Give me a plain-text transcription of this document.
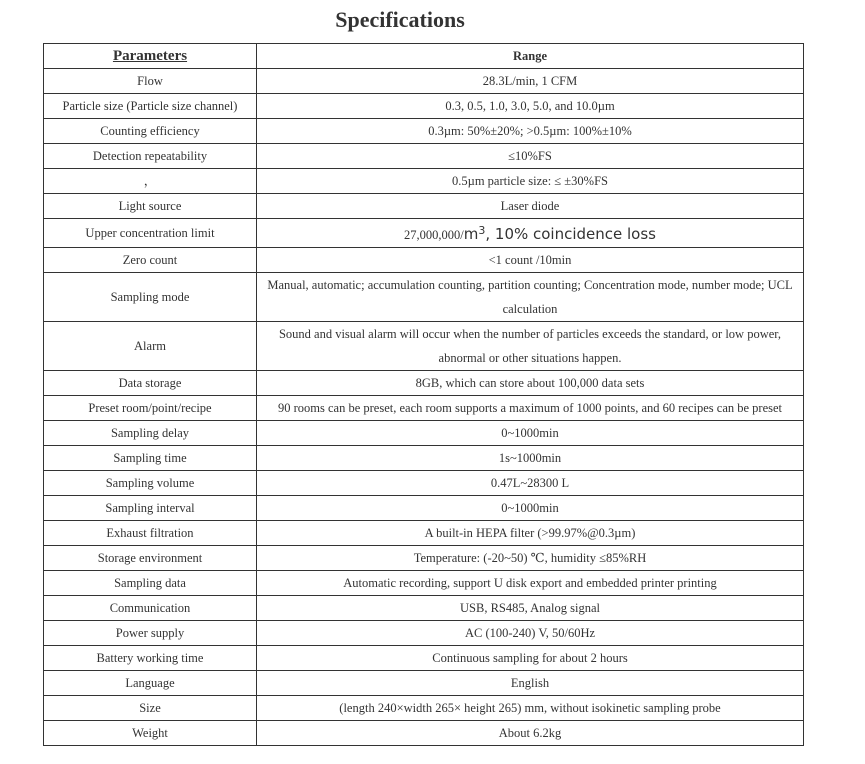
Specifications
Parameters	Range
Flow	28.3L/min, 1 CFM
Particle size (Particle size channel)	0.3, 0.5, 1.0, 3.0, 5.0, and 10.0µm
Counting efficiency	0.3µm: 50%±20%; >0.5µm: 100%±10%
Detection repeatability	≤10%FS
，	0.5µm particle size: ≤ ±30%FS
Light source	Laser diode
Upper concentration limit	$27,000,000/m^3$, 10% coincidence loss
Zero count	<1 count /10min
Sampling mode	Manual, automatic; accumulation counting, partition counting; Concentration mode, number mode; UCL calculation
Alarm	Sound and visual alarm will occur when the number of particles exceeds the standard, or low power, abnormal or other situations happen.
Data storage	8GB, which can store about 100,000 data sets
Preset room/point/recipe	90 rooms can be preset, each room supports a maximum of 1000 points, and 60 recipes can be preset
Sampling delay	0~1000min
Sampling time	1s~1000min
Sampling volume	0.47L~28300 L
Sampling interval	0~1000min
Exhaust filtration	A built-in HEPA filter (>99.97%@0.3µm)
Storage environment	Temperature: (-20~50) ℃, humidity ≤85%RH
Sampling data	Automatic recording, support U disk export and embedded printer printing
Communication	USB, RS485, Analog signal
Power supply	AC (100-240) V, 50/60Hz
Battery working time	Continuous sampling for about 2 hours
Language	English
Size	(length 240×width 265× height 265) mm, without isokinetic sampling probe
Weight	About 6.2kg
